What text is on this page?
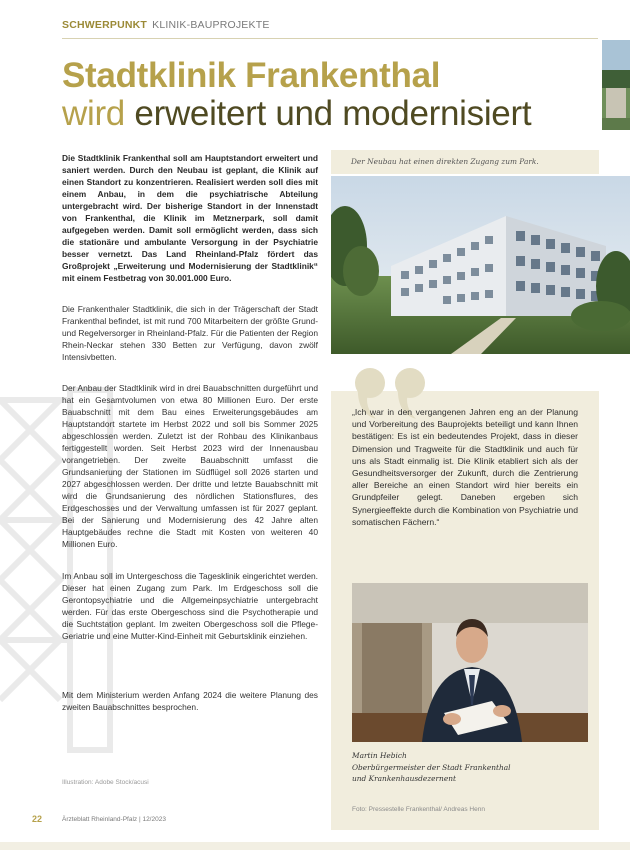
SCHWERPUNKT KLINIK-BAUPROJEKTE
Stadtklinik Frankenthal
wird erweitert und modernisiert
Die Stadtklinik Frankenthal soll am Hauptstandort erweitert und saniert werden. Durch den Neubau ist geplant, die Klinik auf einen Standort zu konzentrieren. Realisiert werden soll dies mit einem Anbau, in dem die psychiatrische Abteilung untergebracht wird. Der bisherige Standort in der Innenstadt von Frankenthal, die Klinik im Metznerpark, soll damit aufgegeben werden. Damit soll ermöglicht werden, dass sich die stationäre und ambulante Versorgung in der Psychiatrie besser vernetzt. Das Land Rheinland-Pfalz fördert das Großprojekt „Erweiterung und Modernisierung der Stadtklinik“ mit einem Festbetrag von 30.001.000 Euro.
Die Frankenthaler Stadtklinik, die sich in der Trägerschaft der Stadt Frankenthal befindet, ist mit rund 700 Mitarbeitern der größte Grund- und Regelversorger in Rheinland-Pfalz. Für die Patienten der Region Rhein-Neckar stehen 330 Betten zur Verfügung, davon zwölf Intensivbetten.
Der Anbau der Stadtklinik wird in drei Bauabschnitten durgeführt und hat ein Gesamtvolumen von etwa 80 Millionen Euro. Der erste Bauabschnitt mit dem Bau eines Erweiterungsgebäudes am Hauptstandort startete im Herbst 2022 und soll bis Sommer 2025 abgeschlossen werden. Zuletzt ist der Rohbau des Klinikanbaus fertiggestellt worden. Seit Herbst 2023 wird der Innenausbau vorangetrieben. Der zweite Bauabschnitt umfasst die Grundsanierung der Stationen im Südflügel soll 2026 starten und 2027 abgeschlossen werden. Der dritte und letzte Bauabschnitt mit wird die Grundsanierung des nördlichen Stationsflures, des Erdgeschosses und der Verwaltung umfassen ist für 2027 geplant. Bei der Sanierung und Modernisierung des 42 Jahre alten Hauptgebäudes rechne die Stadt mit Kosten von weiteren 40 Millionen Euro.
Im Anbau soll im Untergeschoss die Tagesklinik eingerichtet werden. Dieser hat einen Zugang zum Park. Im Erdgeschoss soll die Gerontopsychiatrie und die Allgemeinpsychiatrie untergebracht werden. Für das erste Obergeschoss sind die Psychotherapie und die Suchtstation geplant. Im zweiten Obergeschoss soll die Pflege-Geriatrie und eine Mutter-Kind-Einheit mit Geburtsklinik einziehen.
Mit dem Ministerium werden Anfang 2024 die weitere Planung des zweiten Bauabschnittes besprochen.
Illustration: Adobe Stock/acusi
Der Neubau hat einen direkten Zugang zum Park.
„Ich war in den vergangenen Jahren eng an der Planung und Vorbereitung des Bauprojekts beteiligt und kann Ihnen bestätigen: Es ist ein bedeutendes Projekt, dass in dieser Dimension und Tragweite für die Stadtklinik und auch für uns als Stadt einmalig ist. Die Klinik etabliert sich als der Gesundheitsversorger der Zukunft, durch die Zentrierung aller Bereiche an einen Standort wird hier bereits ein Grundpfeiler gelegt. Daneben ergeben sich Synergieeffekte durch die Kombination von Psychiatrie und somatischen Fächern.“
Martin Hebich
Oberbürgermeister der Stadt Frankenthal
und Krankenhausdezernent
Foto: Pressestelle Frankenthal/ Andreas Henn
22	Ärzteblatt Rheinland-Pfalz | 12/2023
